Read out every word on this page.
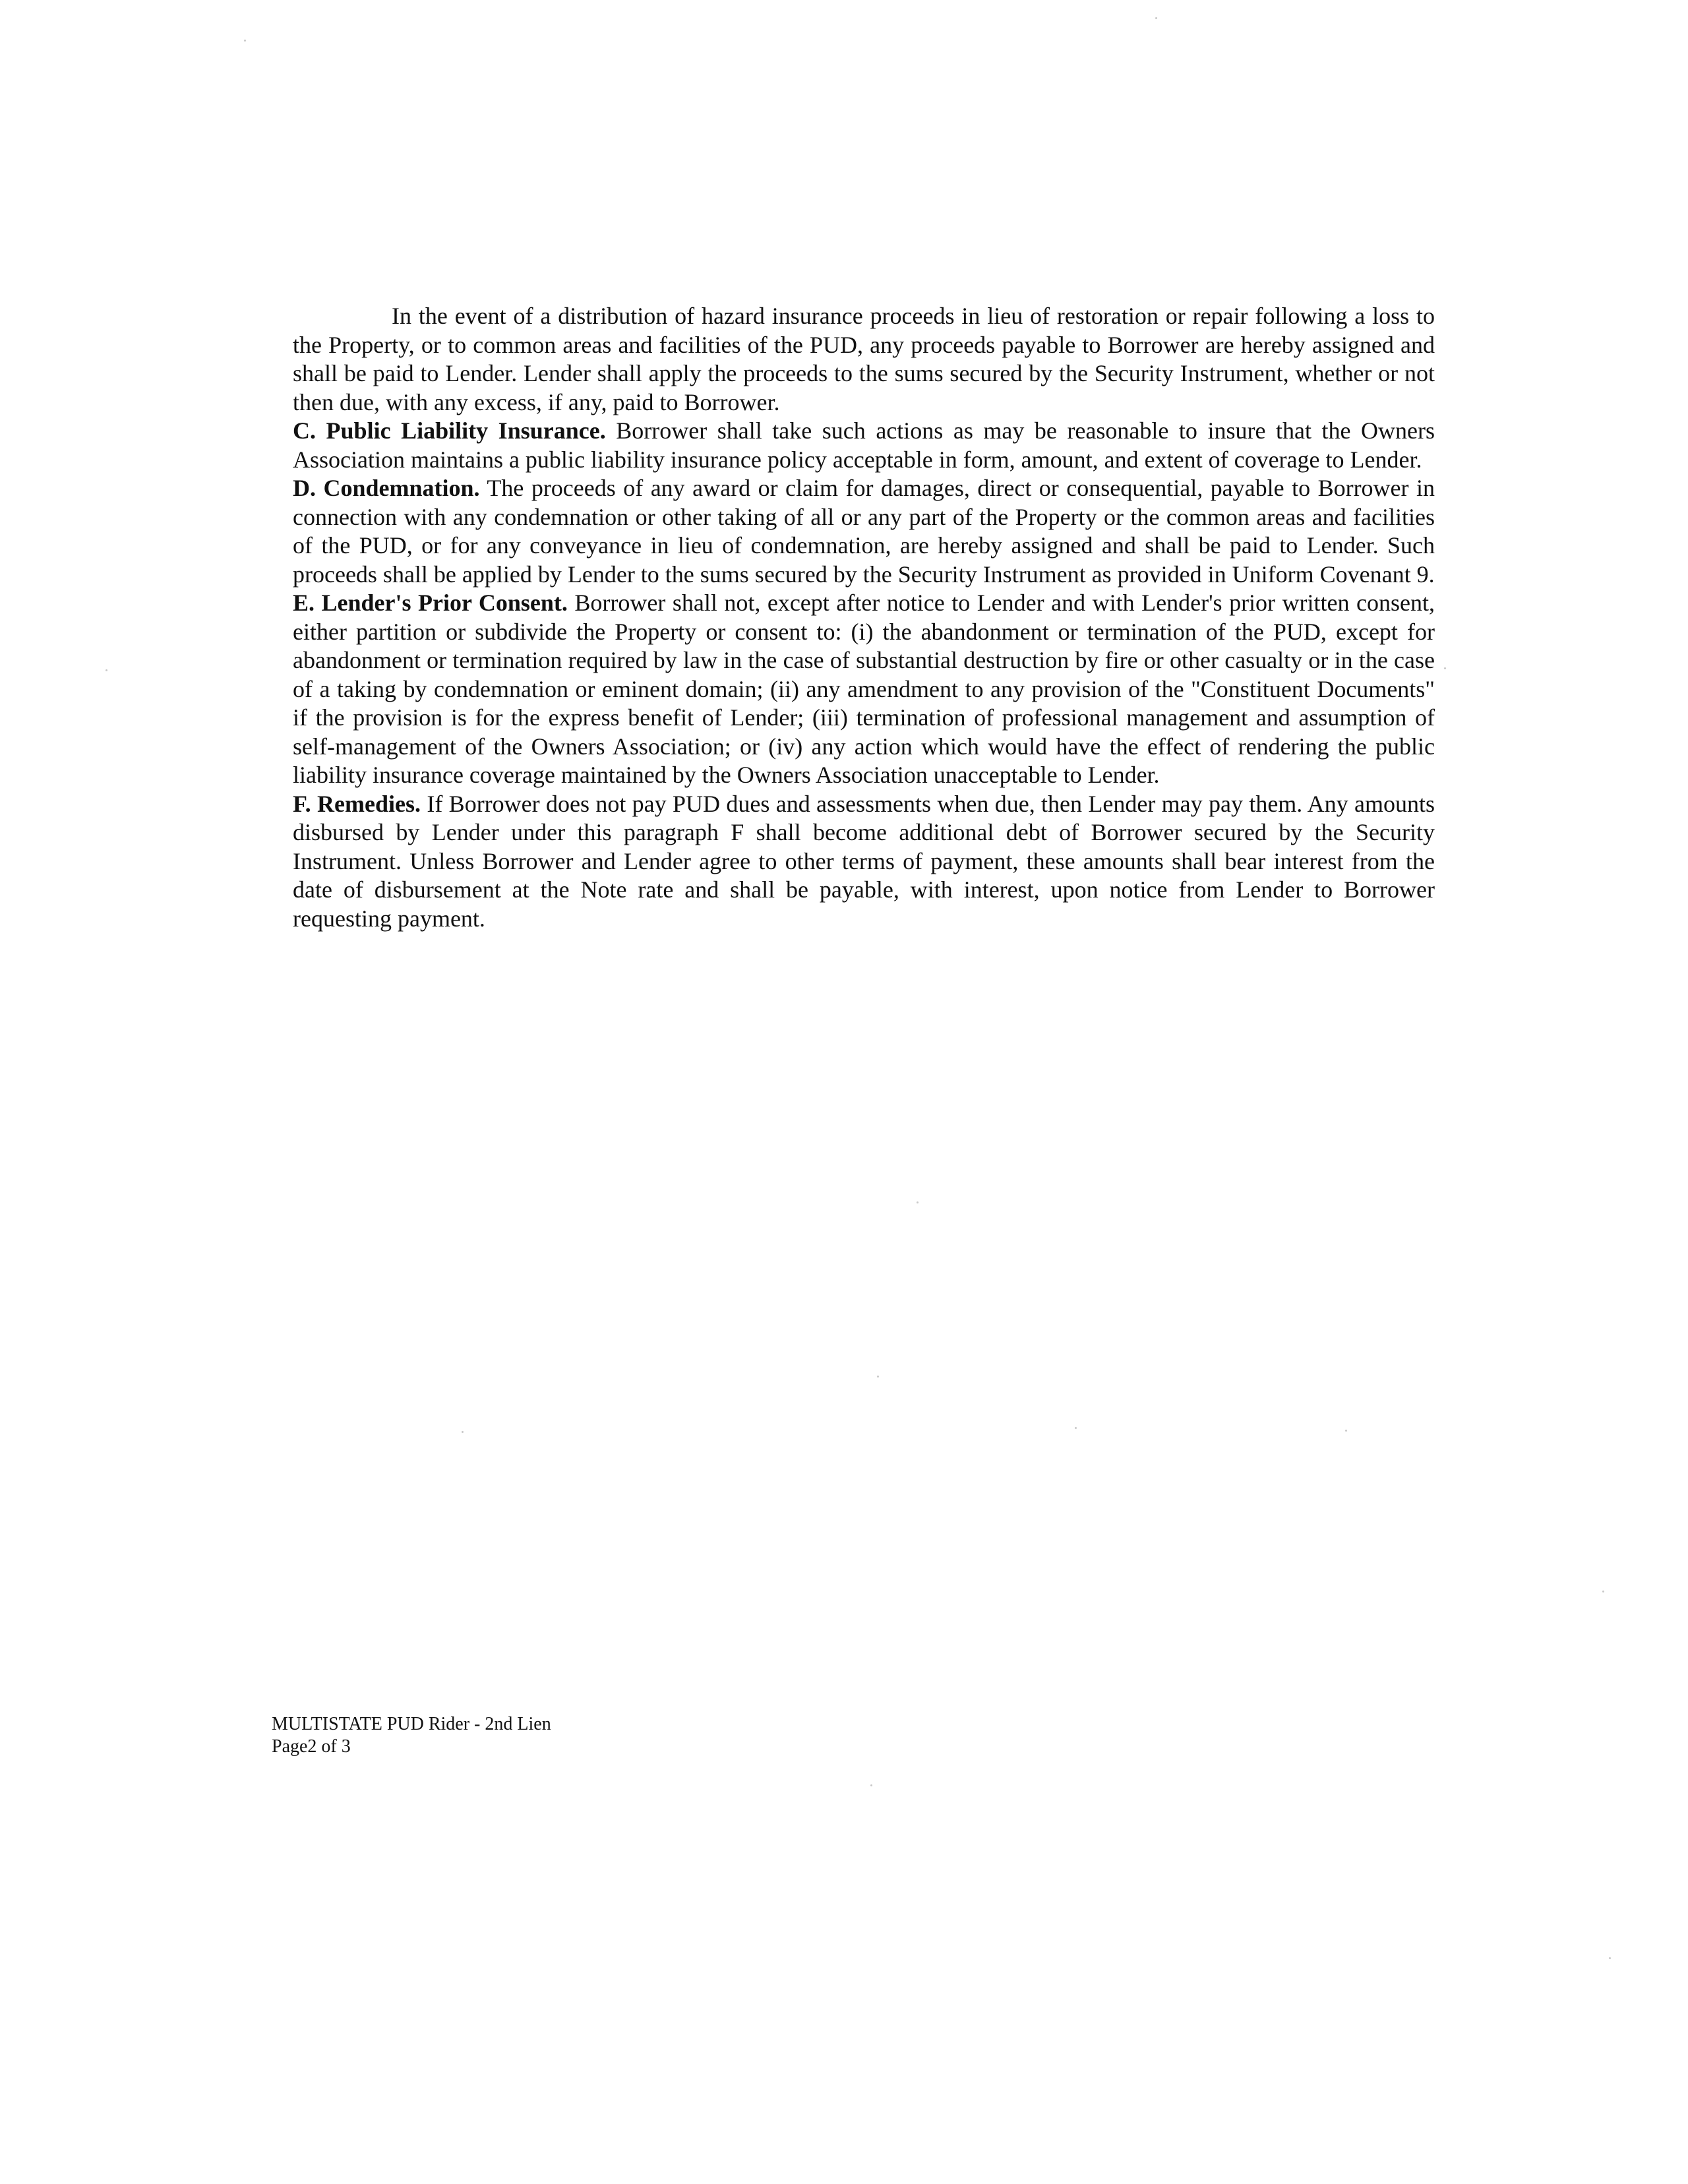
In the event of a distribution of hazard insurance proceeds in lieu of restoration or repair following a loss to the Property, or to common areas and facilities of the PUD, any proceeds payable to Borrower are hereby assigned and shall be paid to Lender. Lender shall apply the proceeds to the sums secured by the Security Instrument, whether or not then due, with any excess, if any, paid to Borrower.

C. Public Liability Insurance. Borrower shall take such actions as may be reasonable to insure that the Owners Association maintains a public liability insurance policy acceptable in form, amount, and extent of coverage to Lender.

D. Condemnation. The proceeds of any award or claim for damages, direct or consequential, payable to Borrower in connection with any condemnation or other taking of all or any part of the Property or the common areas and facilities of the PUD, or for any conveyance in lieu of condemnation, are hereby assigned and shall be paid to Lender. Such proceeds shall be applied by Lender to the sums secured by the Security Instrument as provided in Uniform Covenant 9.

E. Lender's Prior Consent. Borrower shall not, except after notice to Lender and with Lender's prior written consent, either partition or subdivide the Property or consent to: (i) the abandonment or termination of the PUD, except for abandonment or termination required by law in the case of substantial destruction by fire or other casualty or in the case of a taking by condemnation or eminent domain; (ii) any amendment to any provision of the "Constituent Documents" if the provision is for the express benefit of Lender; (iii) termination of professional management and assumption of self-management of the Owners Association; or (iv) any action which would have the effect of rendering the public liability insurance coverage maintained by the Owners Association unacceptable to Lender.

F. Remedies. If Borrower does not pay PUD dues and assessments when due, then Lender may pay them. Any amounts disbursed by Lender under this paragraph F shall become additional debt of Borrower secured by the Security Instrument. Unless Borrower and Lender agree to other terms of payment, these amounts shall bear interest from the date of disbursement at the Note rate and shall be payable, with interest, upon notice from Lender to Borrower requesting payment.

MULTISTATE PUD Rider - 2nd Lien
Page2 of 3
